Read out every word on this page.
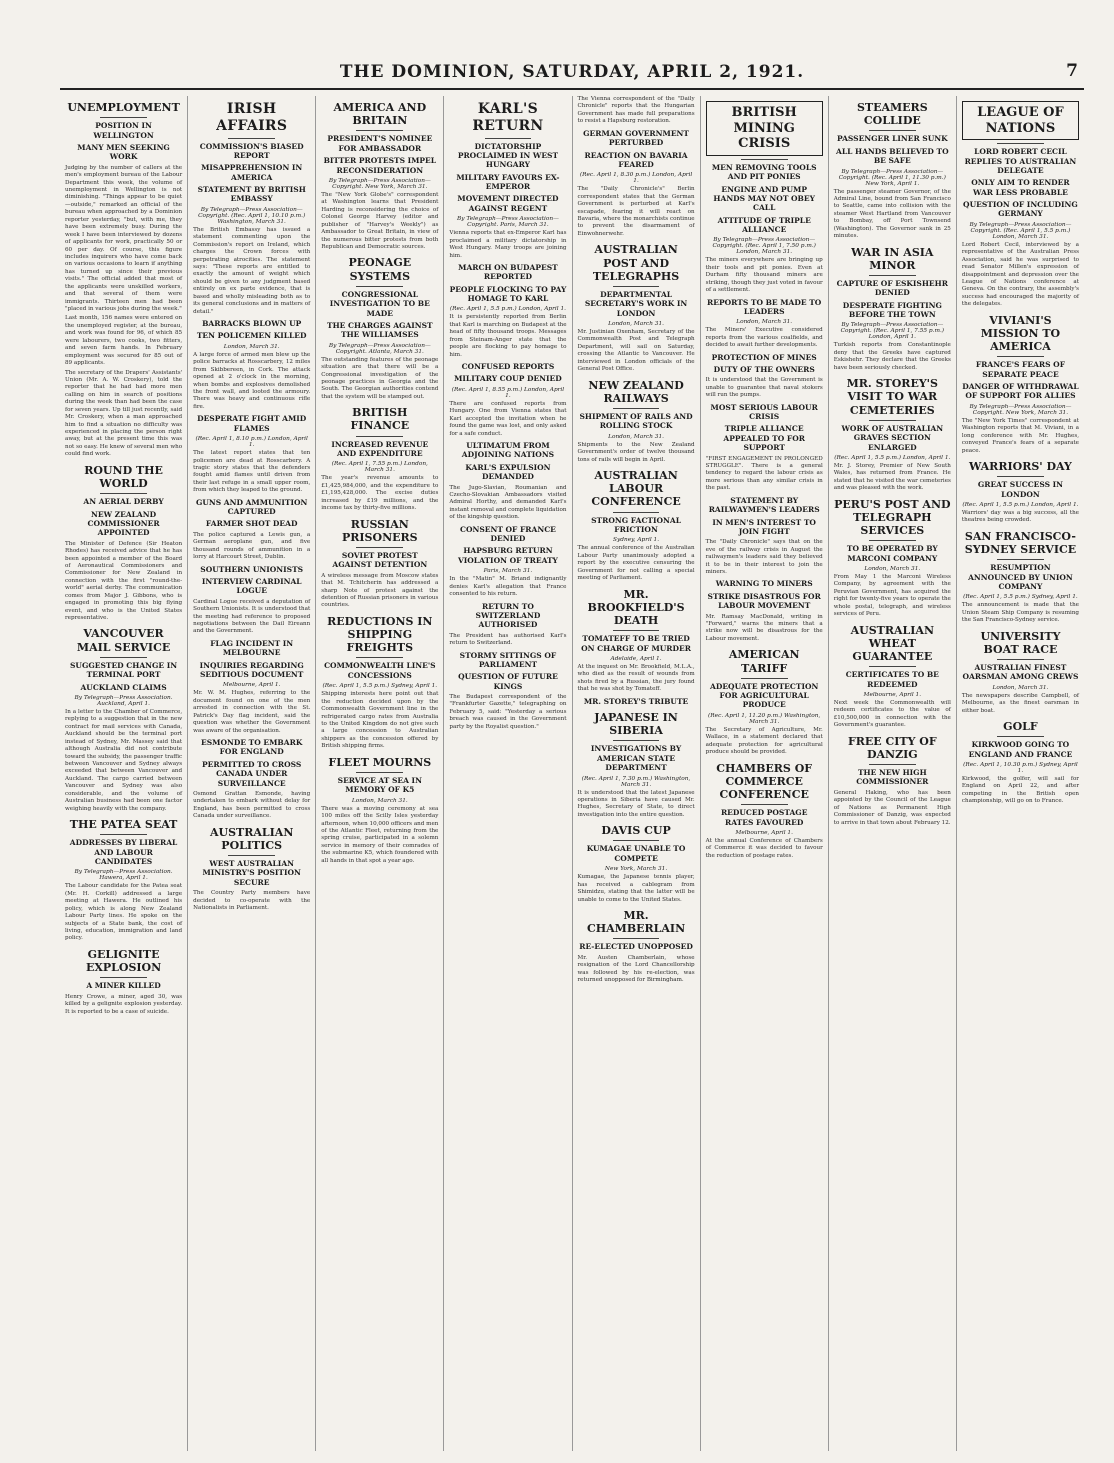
THE DOMINION, SATURDAY, APRIL 2, 1921.	7
UNEMPLOYMENT
POSITION IN WELLINGTON
MANY MEN SEEKING WORK
Judging by the number of callers at the men's employment bureau of the Labour Department this week, the volume of unemployment in Wellington is not diminishing. "Things appear to be quiet—outside," remarked an official of the bureau when approached by a Dominion reporter yesterday, "but, with me, they have been extremely busy. During the week I have been interviewed by dozens of applicants for work, practically 50 or 60 per day. Of course, this figure includes inquirers who have come back on various occasions to learn if anything has turned up since their previous visits." The official added that most of the applicants were unskilled workers, and that several of them were immigrants. Thirteen men had been "placed in various jobs during the week."
Last month, 156 names were entered on the unemployed register, at the bureau, and work was found for 96, of which 85 were labourers, two cooks, two fitters, and seven farm hands. In February employment was secured for 85 out of 89 applicants.
The secretary of the Drapers' Assistants' Union (Mr. A. W. Croskery), told the reporter that he had had more men calling on him in search of positions during the week than had been the case for seven years. Up till just recently, said Mr. Croskery, when a man approached him to find a situation no difficulty was experienced in placing the person right away, but at the present time this was not so easy. He knew of several men who could find work.
ROUND THE WORLD
AN AERIAL DERBY
NEW ZEALAND COMMISSIONER APPOINTED
The Minister of Defence (Sir Heaton Rhodes) has received advice that he has been appointed a member of the Board of Aeronautical Commissioners and Commissioner for New Zealand in connection with the first "round-the-world" aerial derby. The communication comes from Major J. Gibbons, who is engaged in promoting this big flying event, and who is the United States representative.
VANCOUVER MAIL SERVICE
SUGGESTED CHANGE IN TERMINAL PORT
AUCKLAND CLAIMS
By Telegraph—Press Association. Auckland, April 1.
In a letter to the Chamber of Commerce, replying to a suggestion that in the new contract for mail services with Canada, Auckland should be the terminal port instead of Sydney, Mr. Massey said that although Australia did not contribute toward the subsidy, the passenger traffic between Vancouver and Sydney always exceeded that between Vancouver and Auckland. The cargo carried between Vancouver and Sydney was also considerable, and the volume of Australian business had been one factor weighing heavily with the company.
THE PATEA SEAT
ADDRESSES BY LIBERAL AND LABOUR CANDIDATES
By Telegraph—Press Association. Hawera, April 1.
The Labour candidate for the Patea seat (Mr. H. Corkill) addressed a large meeting at Hawera. He outlined his policy, which is along New Zealand Labour Party lines. He spoke on the subjects of a State bank, the cost of living, education, immigration and land policy.
GELIGNITE EXPLOSION
A MINER KILLED
Henry Crowe, a miner, aged 30, was killed by a gelignite explosion yesterday. It is reported to be a case of suicide.
IRISH AFFAIRS
COMMISSION'S BIASED REPORT
MISAPPREHENSION IN AMERICA
STATEMENT BY BRITISH EMBASSY
By Telegraph—Press Association—Copyright. (Rec. April 1, 10.10 p.m.) Washington, March 31.
The British Embassy has issued a statement commenting upon the Commission's report on Ireland, which charges the Crown forces with perpetrating atrocities. The statement says: "These reports are entitled to exactly the amount of weight which should be given to any judgment based entirely on ex parte evidence, that is based and wholly misleading both as to its general conclusions and in matters of detail."
BARRACKS BLOWN UP
TEN POLICEMEN KILLED
London, March 31.
A large force of armed men blew up the police barracks at Rosscarbery, 12 miles from Skibbereen, in Cork. The attack opened at 2 o'clock in the morning, when bombs and explosives demolished the front wall, and looted the armoury. There was heavy and continuous rifle fire.
DESPERATE FIGHT AMID FLAMES
(Rec. April 1, 8.10 p.m.) London, April 1.
The latest report states that ten policemen are dead at Rosscarbery. A tragic story states that the defenders fought amid flames until driven from their last refuge in a small upper room, from which they leaped to the ground.
GUNS AND AMMUNITION CAPTURED
FARMER SHOT DEAD
The police captured a Lewis gun, a German aeroplane gun, and five thousand rounds of ammunition in a lorry at Harcourt Street, Dublin.
SOUTHERN UNIONISTS
INTERVIEW CARDINAL LOGUE
Cardinal Logue received a deputation of Southern Unionists. It is understood that the meeting had reference to proposed negotiations between the Dail Eireann and the Government.
FLAG INCIDENT IN MELBOURNE
INQUIRIES REGARDING SEDITIOUS DOCUMENT
Melbourne, April 1.
Mr. W. M. Hughes, referring to the document found on one of the men arrested in connection with the St. Patrick's Day flag incident, said the question was whether the Government was aware of the organisation.
ESMONDE TO EMBARK FOR ENGLAND
PERMITTED TO CROSS CANADA UNDER SURVEILLANCE
Osmond Grattan Esmonde, having undertaken to embark without delay for England, has been permitted to cross Canada under surveillance.
AUSTRALIAN POLITICS
WEST AUSTRALIAN MINISTRY'S POSITION SECURE
The Country Party members have decided to co-operate with the Nationalists in Parliament.
AMERICA AND BRITAIN
PRESIDENT'S NOMINEE FOR AMBASSADOR
BITTER PROTESTS IMPEL RECONSIDERATION
By Telegraph—Press Association—Copyright. New York, March 31.
The "New York Globe's" correspondent at Washington learns that President Harding is reconsidering the choice of Colonel George Harvey (editor and publisher of "Harvey's Weekly") as Ambassador to Great Britain, in view of the numerous bitter protests from both Republican and Democratic sources.
PEONAGE SYSTEMS
CONGRESSIONAL INVESTIGATION TO BE MADE
THE CHARGES AGAINST THE WILLIAMSES
By Telegraph—Press Association—Copyright. Atlanta, March 31.
The outstanding features of the peonage situation are that there will be a Congressional investigation of the peonage practices in Georgia and the South. The Georgian authorities contend that the system will be stamped out.
BRITISH FINANCE
INCREASED REVENUE AND EXPENDITURE
(Rec. April 1, 7.55 p.m.) London, March 31.
The year's revenue amounts to £1,425,984,000, and the expenditure to £1,195,428,000. The excise duties increased by £19 millions, and the income tax by thirty-five millions.
RUSSIAN PRISONERS
SOVIET PROTEST AGAINST DETENTION
A wireless message from Moscow states that M. Tchitcherin has addressed a sharp Note of protest against the detention of Russian prisoners in various countries.
REDUCTIONS IN SHIPPING FREIGHTS
COMMONWEALTH LINE'S CONCESSIONS
(Rec. April 1, 5.5 p.m.) Sydney, April 1.
Shipping interests here point out that the reduction decided upon by the Commonwealth Government line in the refrigerated cargo rates from Australia to the United Kingdom do not give such a large concession to Australian shippers as the concession offered by British shipping firms.
FLEET MOURNS
SERVICE AT SEA IN MEMORY OF K5
London, March 31.
There was a moving ceremony at sea 100 miles off the Scilly Isles yesterday afternoon, when 10,000 officers and men of the Atlantic Fleet, returning from the spring cruise, participated in a solemn service in memory of their comrades of the submarine K5, which foundered with all hands in that spot a year ago.
KARL'S RETURN
DICTATORSHIP PROCLAIMED IN WEST HUNGARY
MILITARY FAVOURS EX-EMPEROR
MOVEMENT DIRECTED AGAINST REGENT
By Telegraph—Press Association—Copyright. Paris, March 31.
Vienna reports that ex-Emperor Karl has proclaimed a military dictatorship in West Hungary. Many troops are joining him.
MARCH ON BUDAPEST REPORTED
PEOPLE FLOCKING TO PAY HOMAGE TO KARL
(Rec. April 1, 5.5 p.m.) London, April 1.
It is persistently reported from Berlin that Karl is marching on Budapest at the head of fifty thousand troops. Messages from Steinam-Anger state that the people are flocking to pay homage to him.
CONFUSED REPORTS
MILITARY COUP DENIED
(Rec. April 1, 8.55 p.m.) London, April 1.
There are confused reports from Hungary. One from Vienna states that Karl accepted the invitation when he found the game was lost, and only asked for a safe conduct.
ULTIMATUM FROM ADJOINING NATIONS
KARL'S EXPULSION DEMANDED
The Jugo-Slavian, Roumanian and Czecho-Slovakian Ambassadors visited Admiral Horthy, and demanded Karl's instant removal and complete liquidation of the kingship question.
CONSENT OF FRANCE DENIED
HAPSBURG RETURN VIOLATION OF TREATY
Paris, March 31.
In the "Matin" M. Briand indignantly denies Karl's allegation that France consented to his return.
RETURN TO SWITZERLAND AUTHORISED
The President has authorised Karl's return to Switzerland.
STORMY SITTINGS OF PARLIAMENT
QUESTION OF FUTURE KINGS
The Budapest correspondent of the "Frankfurter Gazette," telegraphing on February 5, said: "Yesterday a serious breach was caused in the Government party by the Royalist question."
The Vienna correspondent of the "Daily Chronicle" reports that the Hungarian Government has made full preparations to resist a Hapsburg restoration.
GERMAN GOVERNMENT PERTURBED
REACTION ON BAVARIA FEARED
(Rec. April 1, 8.30 p.m.) London, April 1.
The "Daily Chronicle's" Berlin correspondent states that the German Government is perturbed at Karl's escapade, fearing it will react on Bavaria, where the monarchists continue to prevent the disarmament of Einwohnerwehr.
AUSTRALIAN POST AND TELEGRAPHS
DEPARTMENTAL SECRETARY'S WORK IN LONDON
London, March 31.
Mr. Justinian Oxenham, Secretary of the Commonwealth Post and Telegraph Department, will sail on Saturday, crossing the Atlantic to Vancouver. He interviewed in London officials of the General Post Office.
NEW ZEALAND RAILWAYS
SHIPMENT OF RAILS AND ROLLING STOCK
London, March 31.
Shipments to the New Zealand Government's order of twelve thousand tons of rails will begin in April.
AUSTRALIAN LABOUR CONFERENCE
STRONG FACTIONAL FRICTION
Sydney, April 1.
The annual conference of the Australian Labour Party unanimously adopted a report by the executive censuring the Government for not calling a special meeting of Parliament.
MR. BROOKFIELD'S DEATH
TOMATEFF TO BE TRIED ON CHARGE OF MURDER
Adelaide, April 1.
At the inquest on Mr. Brookfield, M.L.A., who died as the result of wounds from shots fired by a Russian, the jury found that he was shot by Tomateff.
MR. STOREY'S TRIBUTE
JAPANESE IN SIBERIA
INVESTIGATIONS BY AMERICAN STATE DEPARTMENT
(Rec. April 1, 7.30 p.m.) Washington, March 31.
It is understood that the latest Japanese operations in Siberia have caused Mr. Hughes, Secretary of State, to direct investigation into the entire question.
DAVIS CUP
KUMAGAE UNABLE TO COMPETE
New York, March 31.
Kumagae, the Japanese tennis player, has received a cablegram from Shimidzu, stating that the latter will be unable to come to the United States.
MR. CHAMBERLAIN
RE-ELECTED UNOPPOSED
Mr. Austen Chamberlain, whose resignation of the Lord Chancellorship was followed by his re-election, was returned unopposed for Birmingham.
BRITISH MINING CRISIS
MEN REMOVING TOOLS AND PIT PONIES
ENGINE AND PUMP HANDS MAY NOT OBEY CALL
ATTITUDE OF TRIPLE ALLIANCE
By Telegraph—Press Association—Copyright. (Rec. April 1, 7.50 p.m.) London, March 31.
The miners everywhere are bringing up their tools and pit ponies. Even at Durham fifty thousand miners are striking, though they just voted in favour of a settlement.
REPORTS TO BE MADE TO LEADERS
London, March 31.
The Miners' Executive considered reports from the various coalfields, and decided to await further developments.
PROTECTION OF MINES
DUTY OF THE OWNERS
It is understood that the Government is unable to guarantee that naval stokers will run the pumps.
MOST SERIOUS LABOUR CRISIS
TRIPLE ALLIANCE APPEALED TO FOR SUPPORT
"FIRST ENGAGEMENT IN PROLONGED STRUGGLE". There is a general tendency to regard the labour crisis as more serious than any similar crisis in the past.
STATEMENT BY RAILWAYMEN'S LEADERS
IN MEN'S INTEREST TO JOIN FIGHT
The "Daily Chronicle" says that on the eve of the railway crisis in August the railwaymen's leaders said they believed it to be in their interest to join the miners.
WARNING TO MINERS
STRIKE DISASTROUS FOR LABOUR MOVEMENT
Mr. Ramsay MacDonald, writing in "Forward," warns the miners that a strike now will be disastrous for the Labour movement.
AMERICAN TARIFF
ADEQUATE PROTECTION FOR AGRICULTURAL PRODUCE
(Rec. April 1, 11.20 p.m.) Washington, March 31.
The Secretary of Agriculture, Mr. Wallace, in a statement declared that adequate protection for agricultural produce should be provided.
CHAMBERS OF COMMERCE CONFERENCE
REDUCED POSTAGE RATES FAVOURED
Melbourne, April 1.
At the annual Conference of Chambers of Commerce it was decided to favour the reduction of postage rates.
STEAMERS COLLIDE
PASSENGER LINER SUNK
ALL HANDS BELIEVED TO BE SAFE
By Telegraph—Press Association—Copyright. (Rec. April 1, 11.30 p.m.) New York, April 1.
The passenger steamer Governor, of the Admiral Line, bound from San Francisco to Seattle, came into collision with the steamer West Hartland from Vancouver to Bombay, off Port Townsend (Washington). The Governor sank in 25 minutes.
WAR IN ASIA MINOR
CAPTURE OF ESKISHEHR DENIED
DESPERATE FIGHTING BEFORE THE TOWN
By Telegraph—Press Association—Copyright. (Rec. April 1, 7.55 p.m.) London, April 1.
Turkish reports from Constantinople deny that the Greeks have captured Eskishehr. They declare that the Greeks have been seriously checked.
MR. STOREY'S VISIT TO WAR CEMETERIES
WORK OF AUSTRALIAN GRAVES SECTION ENLARGED
(Rec. April 1, 5.5 p.m.) London, April 1.
Mr. J. Storey, Premier of New South Wales, has returned from France. He stated that he visited the war cemeteries and was pleased with the work.
PERU'S POST AND TELEGRAPH SERVICES
TO BE OPERATED BY MARCONI COMPANY
London, March 31.
From May 1 the Marconi Wireless Company, by agreement with the Peruvian Government, has acquired the right for twenty-five years to operate the whole postal, telegraph, and wireless services of Peru.
AUSTRALIAN WHEAT GUARANTEE
CERTIFICATES TO BE REDEEMED
Melbourne, April 1.
Next week the Commonwealth will redeem certificates to the value of £10,500,000 in connection with the Government's guarantee.
FREE CITY OF DANZIG
THE NEW HIGH COMMISSIONER
General Haking, who has been appointed by the Council of the League of Nations as Permanent High Commissioner of Danzig, was expected to arrive in that town about February 12.
LEAGUE OF NATIONS
LORD ROBERT CECIL REPLIES TO AUSTRALIAN DELEGATE
ONLY AIM TO RENDER WAR LESS PROBABLE
QUESTION OF INCLUDING GERMANY
By Telegraph—Press Association—Copyright. (Rec. April 1, 5.5 p.m.) London, March 31.
Lord Robert Cecil, interviewed by a representative of the Australian Press Association, said he was surprised to read Senator Millen's expression of disappointment and depression over the League of Nations conference at Geneva. On the contrary, the assembly's success had encouraged the majority of the delegates.
VIVIANI'S MISSION TO AMERICA
FRANCE'S FEARS OF SEPARATE PEACE
DANGER OF WITHDRAWAL OF SUPPORT FOR ALLIES
By Telegraph—Press Association—Copyright. New York, March 31.
The "New York Times" correspondent at Washington reports that M. Viviani, in a long conference with Mr. Hughes, conveyed France's fears of a separate peace.
WARRIORS' DAY
GREAT SUCCESS IN LONDON
(Rec. April 1, 5.5 p.m.) London, April 1.
Warriors' day was a big success, all the theatres being crowded.
SAN FRANCISCO-SYDNEY SERVICE
RESUMPTION ANNOUNCED BY UNION COMPANY
(Rec. April 1, 5.5 p.m.) Sydney, April 1.
The announcement is made that the Union Steam Ship Company is resuming the San Francisco-Sydney service.
UNIVERSITY BOAT RACE
AUSTRALIAN FINEST OARSMAN AMONG CREWS
London, March 31.
The newspapers describe Campbell, of Melbourne, as the finest oarsman in either boat.
GOLF
KIRKWOOD GOING TO ENGLAND AND FRANCE
(Rec. April 1, 10.30 p.m.) Sydney, April 1.
Kirkwood, the golfer, will sail for England on April 22, and after competing in the British open championship, will go on to France.
